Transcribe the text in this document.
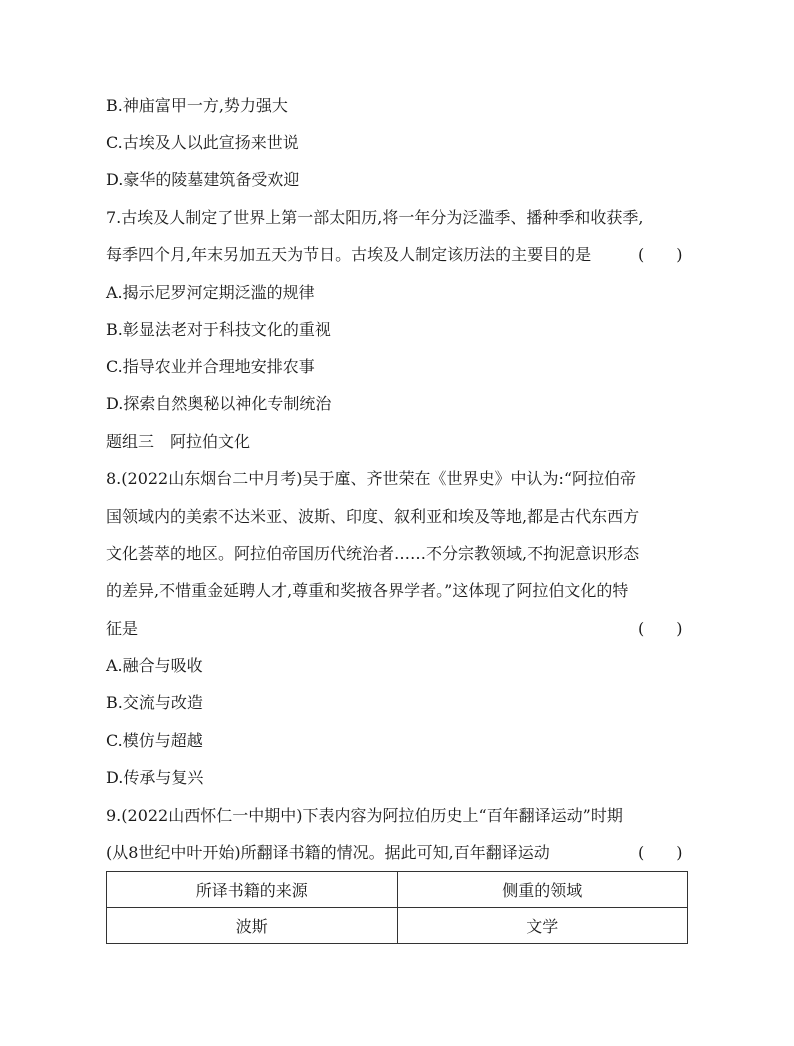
B.神庙富甲一方,势力强大
C.古埃及人以此宣扬来世说
D.豪华的陵墓建筑备受欢迎
7.古埃及人制定了世界上第一部太阳历,将一年分为泛滥季、播种季和收获季,
每季四个月,年末另加五天为节日。古埃及人制定该历法的主要目的是	(　　)
A.揭示尼罗河定期泛滥的规律
B.彰显法老对于科技文化的重视
C.指导农业并合理地安排农事
D.探索自然奥秘以神化专制统治
题组三　阿拉伯文化
8.(2022山东烟台二中月考)吴于廑、齐世荣在《世界史》中认为:“阿拉伯帝
国领域内的美索不达米亚、波斯、印度、叙利亚和埃及等地,都是古代东西方
文化荟萃的地区。阿拉伯帝国历代统治者……不分宗教领域,不拘泥意识形态
的差异,不惜重金延聘人才,尊重和奖掖各界学者。”这体现了阿拉伯文化的特
征是	(　　)
A.融合与吸收
B.交流与改造
C.模仿与超越
D.传承与复兴
9.(2022山西怀仁一中期中)下表内容为阿拉伯历史上“百年翻译运动”时期
(从8世纪中叶开始)所翻译书籍的情况。据此可知,百年翻译运动	(　　)
所译书籍的来源	侧重的领域
波斯	文学
